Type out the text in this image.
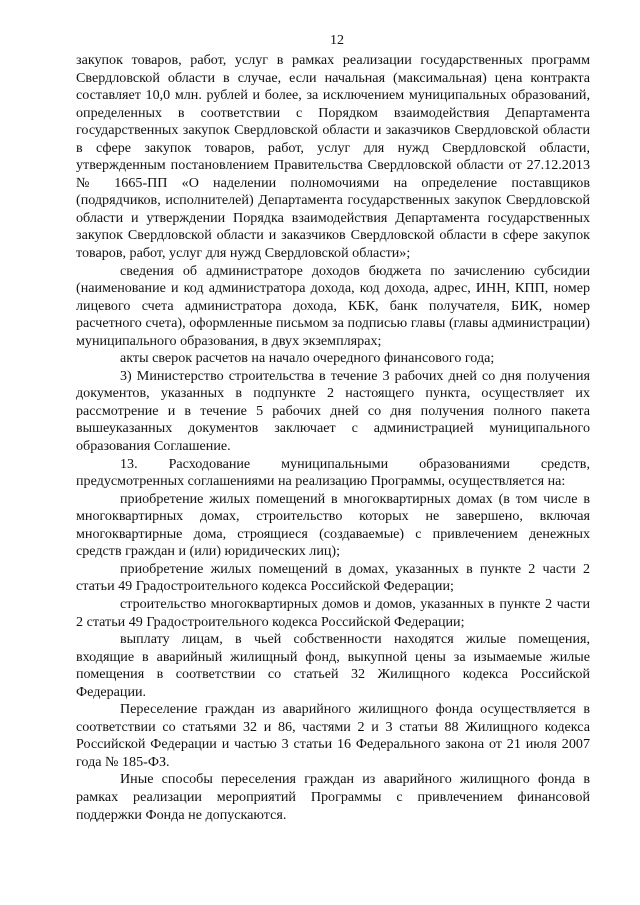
12

закупок товаров, работ, услуг в рамках реализации государственных программ Свердловской области в случае, если начальная (максимальная) цена контракта составляет 10,0 млн. рублей и более, за исключением муниципальных образований, определенных в соответствии с Порядком взаимодействия Департамента государственных закупок Свердловской области и заказчиков Свердловской области в сфере закупок товаров, работ, услуг для нужд Свердловской области, утвержденным постановлением Правительства Свердловской области от 27.12.2013 № 1665-ПП «О наделении полномочиями на определение поставщиков (подрядчиков, исполнителей) Департамента государственных закупок Свердловской области и утверждении Порядка взаимодействия Департамента государственных закупок Свердловской области и заказчиков Свердловской области в сфере закупок товаров, работ, услуг для нужд Свердловской области»;

сведения об администраторе доходов бюджета по зачислению субсидии (наименование и код администратора дохода, код дохода, адрес, ИНН, КПП, номер лицевого счета администратора дохода, КБК, банк получателя, БИК, номер расчетного счета), оформленные письмом за подписью главы (главы администрации) муниципального образования, в двух экземплярах;

акты сверок расчетов на начало очередного финансового года;

3) Министерство строительства в течение 3 рабочих дней со дня получения документов, указанных в подпункте 2 настоящего пункта, осуществляет их рассмотрение и в течение 5 рабочих дней со дня получения полного пакета вышеуказанных документов заключает с администрацией муниципального образования Соглашение.

13. Расходование муниципальными образованиями средств, предусмотренных соглашениями на реализацию Программы, осуществляется на:

приобретение жилых помещений в многоквартирных домах (в том числе в многоквартирных домах, строительство которых не завершено, включая многоквартирные дома, строящиеся (создаваемые) с привлечением денежных средств граждан и (или) юридических лиц);

приобретение жилых помещений в домах, указанных в пункте 2 части 2 статьи 49 Градостроительного кодекса Российской Федерации;

строительство многоквартирных домов и домов, указанных в пункте 2 части 2 статьи 49 Градостроительного кодекса Российской Федерации;

выплату лицам, в чьей собственности находятся жилые помещения, входящие в аварийный жилищный фонд, выкупной цены за изымаемые жилые помещения в соответствии со статьей 32 Жилищного кодекса Российской Федерации.

Переселение граждан из аварийного жилищного фонда осуществляется в соответствии со статьями 32 и 86, частями 2 и 3 статьи 88 Жилищного кодекса Российской Федерации и частью 3 статьи 16 Федерального закона от 21 июля 2007 года № 185-ФЗ.

Иные способы переселения граждан из аварийного жилищного фонда в рамках реализации мероприятий Программы с привлечением финансовой поддержки Фонда не допускаются.
